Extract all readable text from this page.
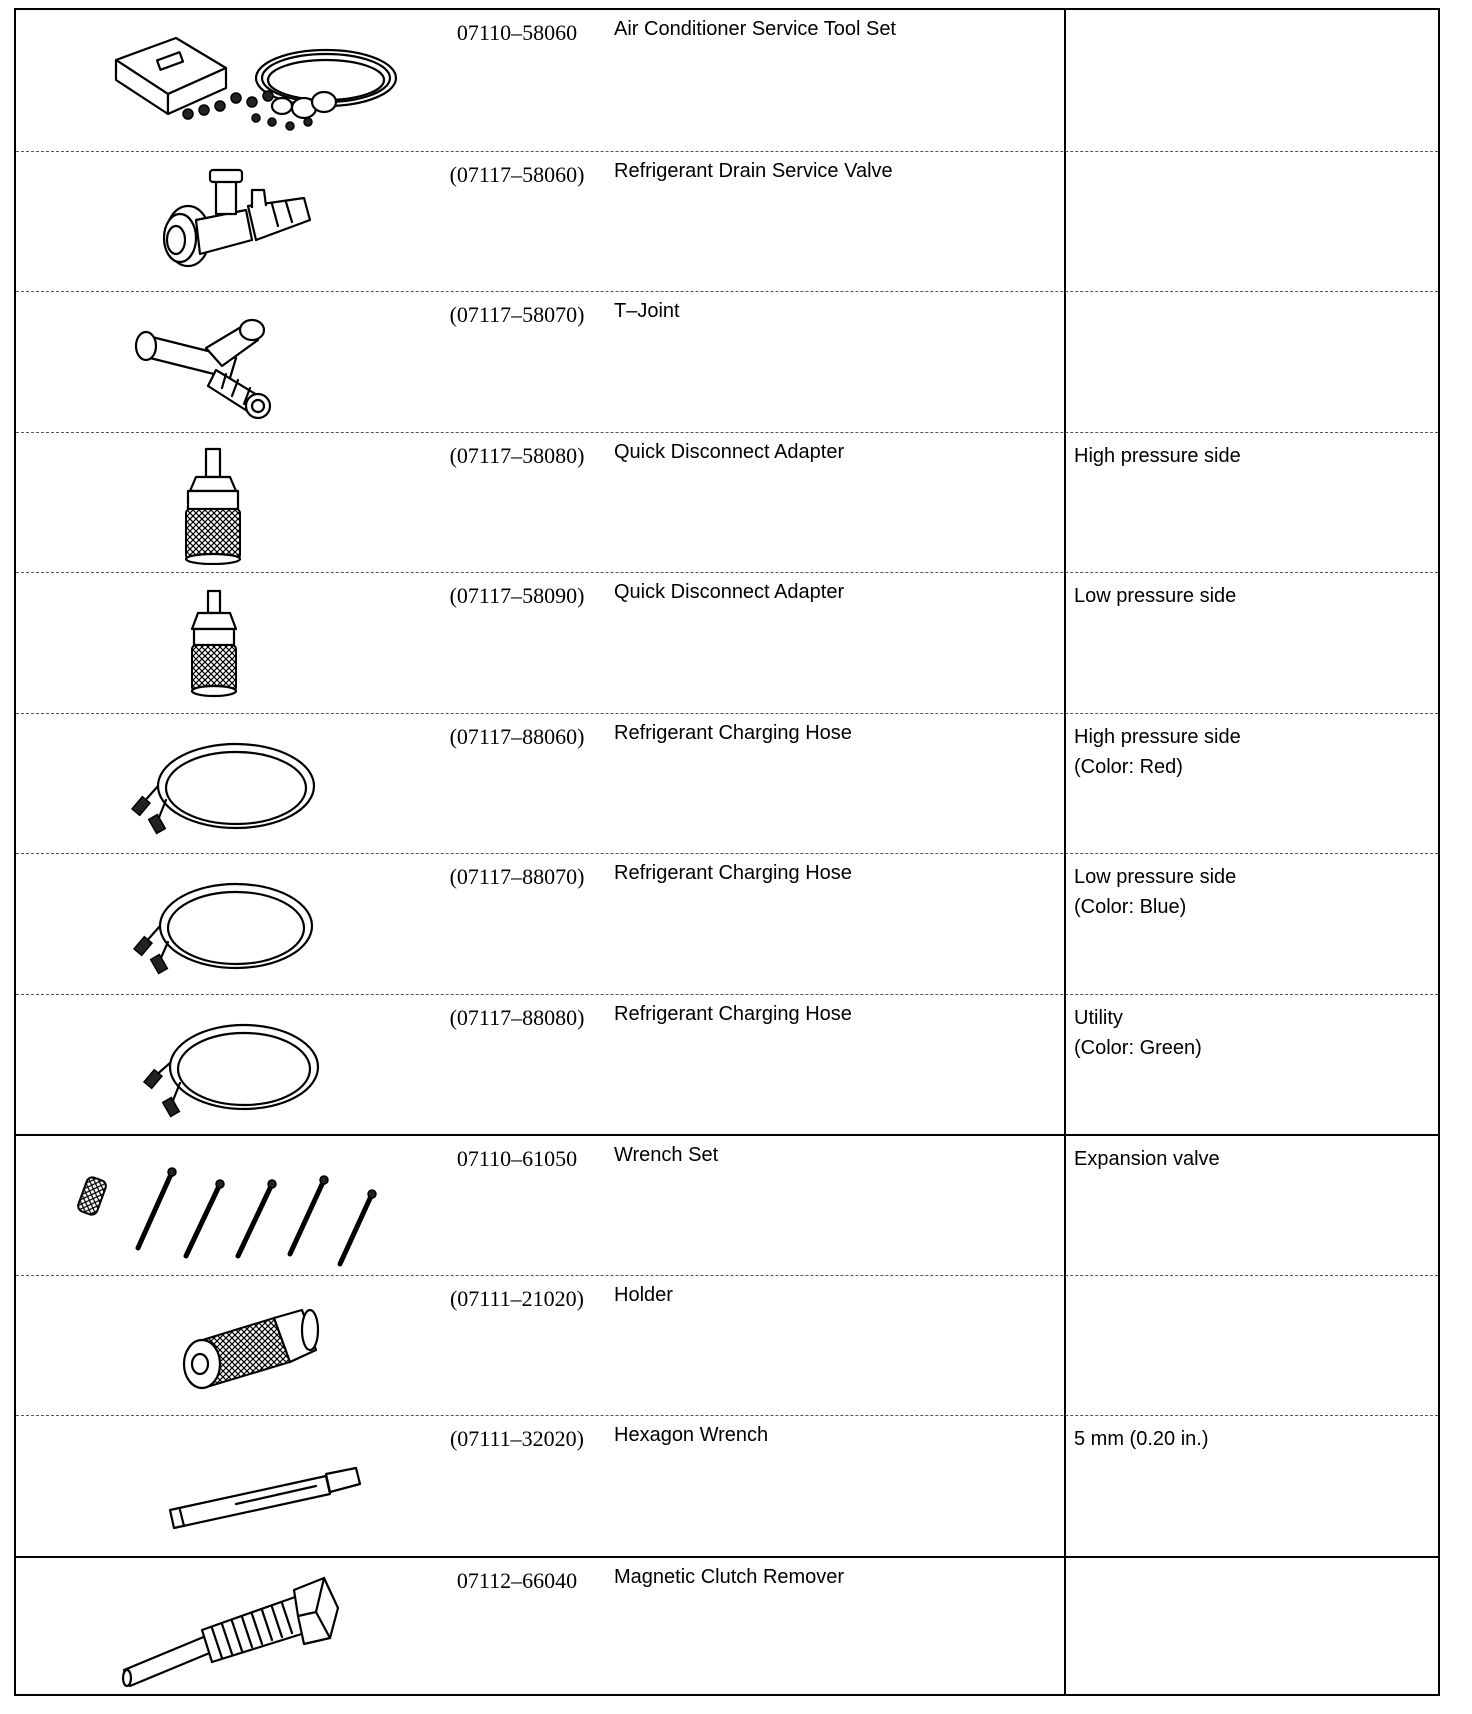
07110–58060	Air Conditioner Service Tool Set
(07117–58060)	Refrigerant Drain Service Valve
(07117–58070)	T–Joint
(07117–58080)	Quick Disconnect Adapter	High pressure side
(07117–58090)	Quick Disconnect Adapter	Low pressure side
(07117–88060)	Refrigerant Charging Hose	High pressure side
(Color: Red)
(07117–88070)	Refrigerant Charging Hose	Low pressure side
(Color: Blue)
(07117–88080)	Refrigerant Charging Hose	Utility
(Color: Green)
07110–61050	Wrench Set	Expansion valve
(07111–21020)	Holder
(07111–32020)	Hexagon Wrench	5 mm (0.20 in.)
07112–66040	Magnetic Clutch Remover
